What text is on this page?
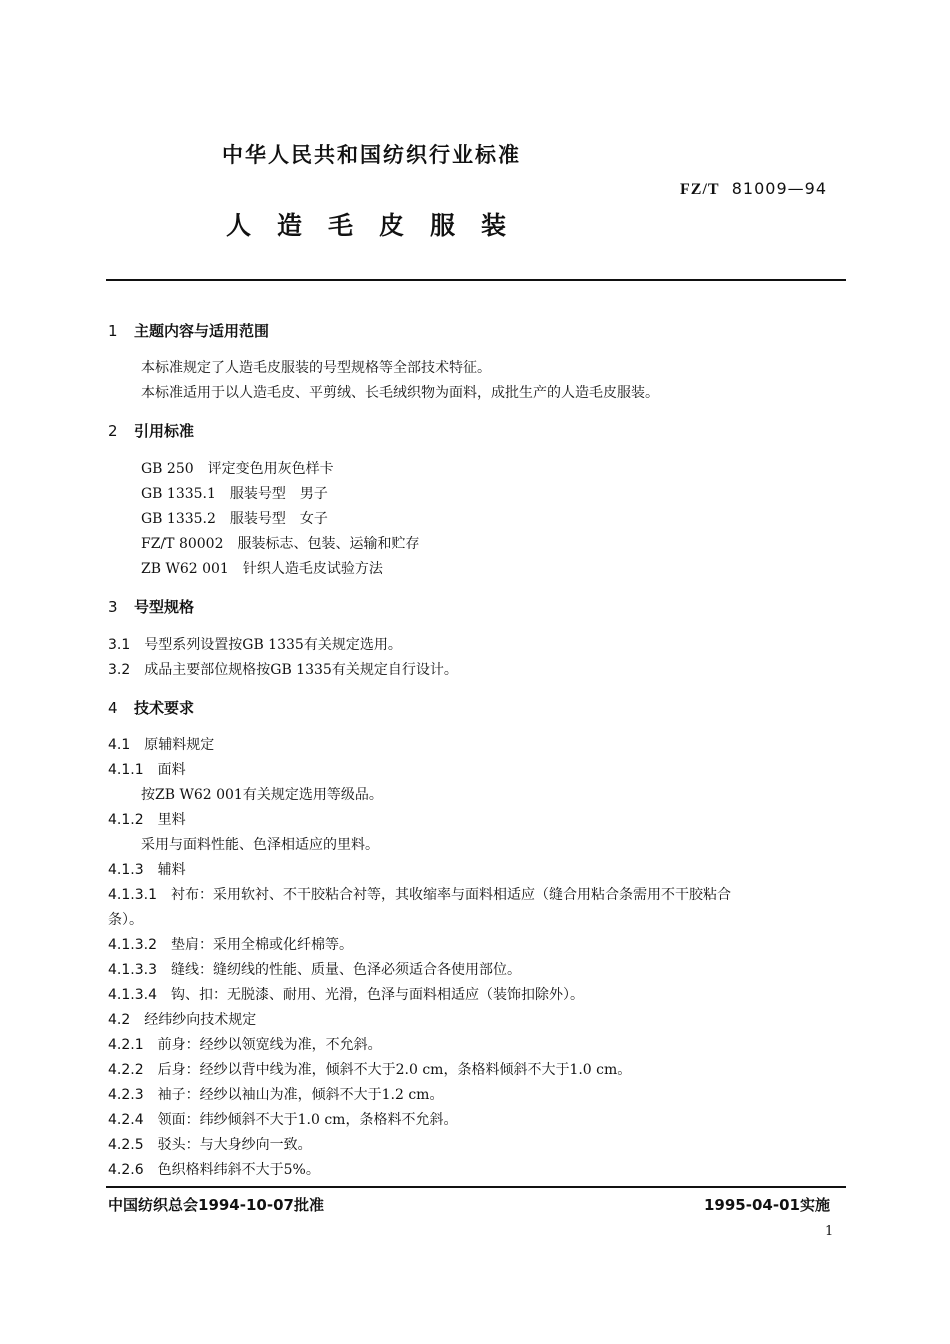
中华人民共和国纺织行业标准
FZ/T 81009—94
人造毛皮服装
1 主题内容与适用范围
本标准规定了人造毛皮服装的号型规格等全部技术特征。
本标准适用于以人造毛皮、平剪绒、长毛绒织物为面料，成批生产的人造毛皮服装。
2 引用标准
GB 250 评定变色用灰色样卡
GB 1335.1 服装号型　男子
GB 1335.2 服装号型　女子
FZ/T 80002 服装标志、包装、运输和贮存
ZB W62 001 针织人造毛皮试验方法
3 号型规格
3.1 号型系列设置按GB 1335有关规定选用。
3.2 成品主要部位规格按GB 1335有关规定自行设计。
4 技术要求
4.1 原辅料规定
4.1.1 面料
按ZB W62 001有关规定选用等级品。
4.1.2 里料
采用与面料性能、色泽相适应的里料。
4.1.3 辅料
4.1.3.1 衬布：采用软衬、不干胶粘合衬等，其收缩率与面料相适应（缝合用粘合条需用不干胶粘合
条）。
4.1.3.2 垫肩：采用全棉或化纤棉等。
4.1.3.3 缝线：缝纫线的性能、质量、色泽必须适合各使用部位。
4.1.3.4 钩、扣：无脱漆、耐用、光滑，色泽与面料相适应（装饰扣除外）。
4.2 经纬纱向技术规定
4.2.1 前身：经纱以领宽线为准，不允斜。
4.2.2 后身：经纱以背中线为准，倾斜不大于2.0 cm，条格料倾斜不大于1.0 cm。
4.2.3 袖子：经纱以袖山为准，倾斜不大于1.2 cm。
4.2.4 领面：纬纱倾斜不大于1.0 cm，条格料不允斜。
4.2.5 驳头：与大身纱向一致。
4.2.6 色织格料纬斜不大于5%。
中国纺织总会1994-10-07批准	1995-04-01实施
1
